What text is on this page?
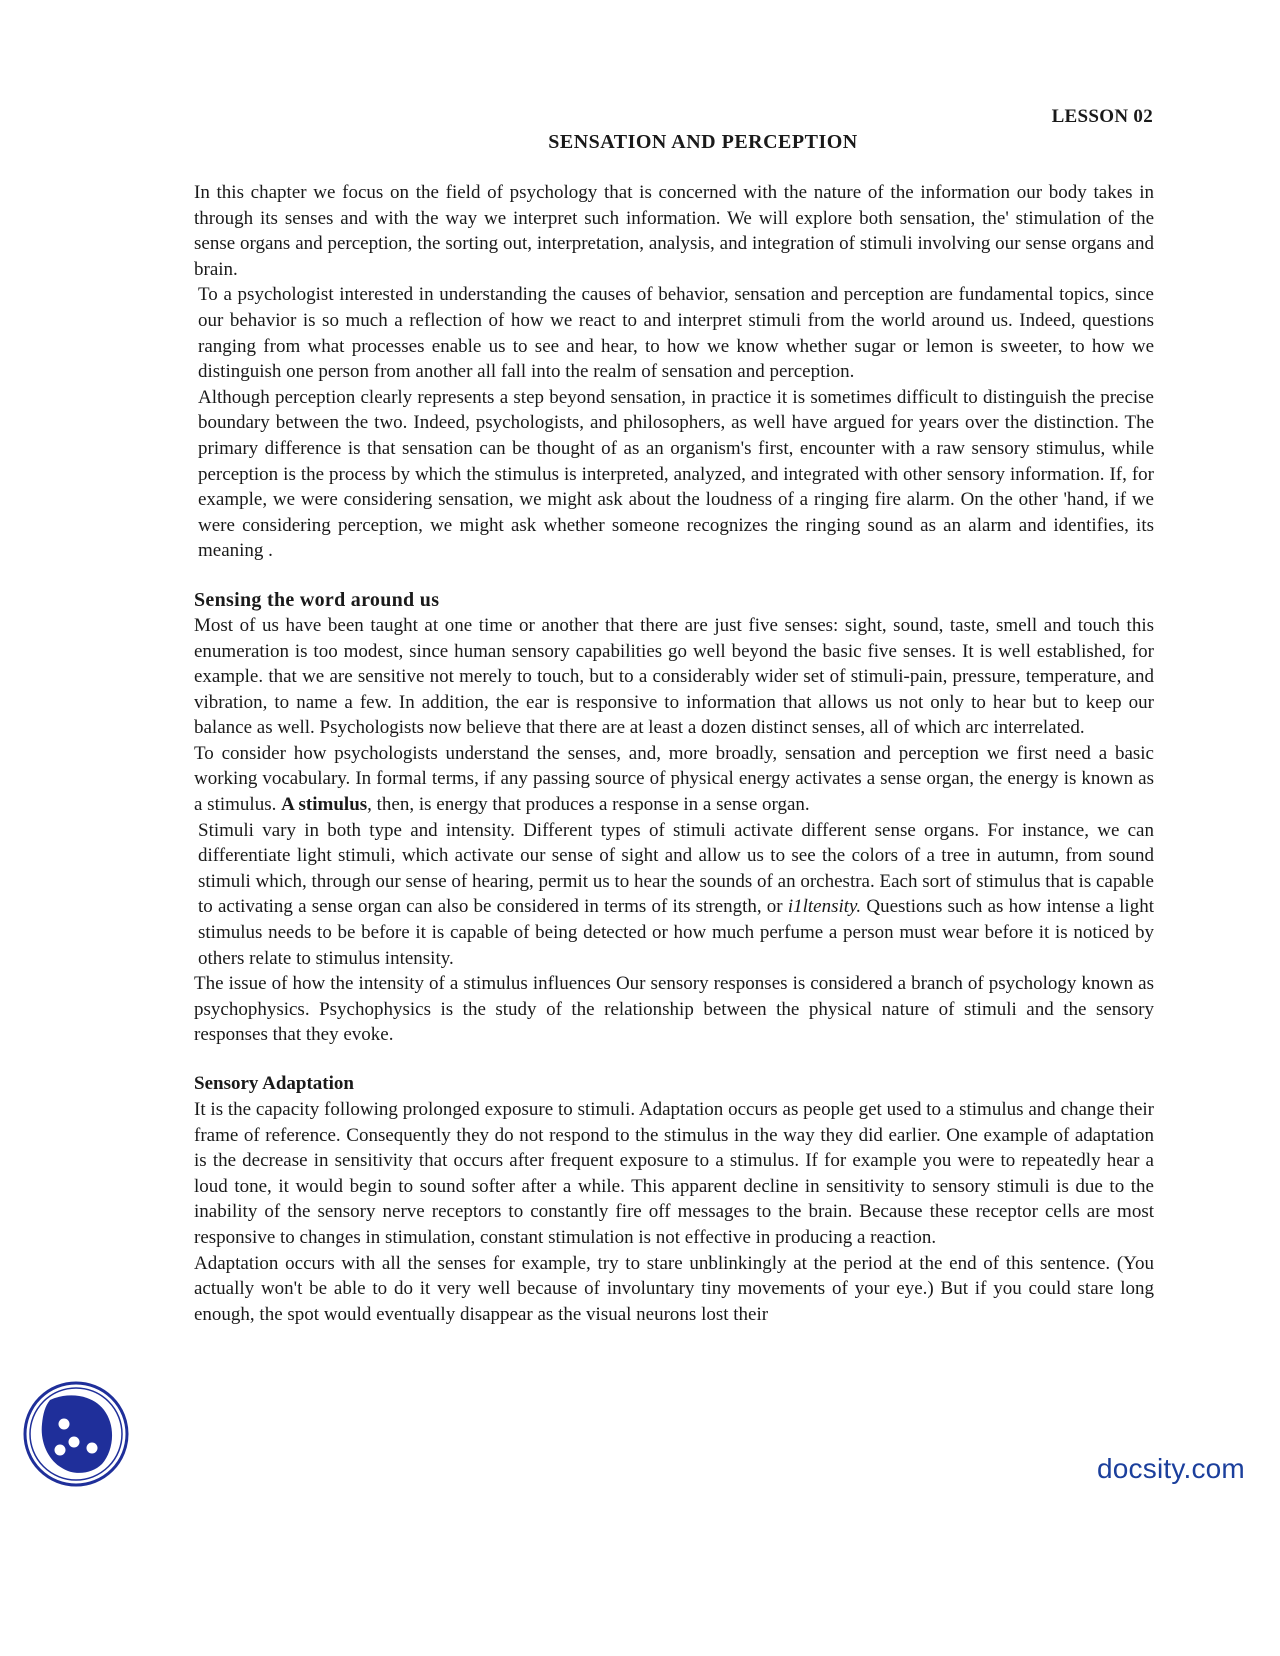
LESSON 02
SENSATION AND PERCEPTION

In this chapter we focus on the field of psychology that is concerned with the nature of the information our body takes in through its senses and with the way we interpret such information. We will explore both sensation, the' stimulation of the sense organs and perception, the sorting out, interpretation, analysis, and integration of stimuli involving our sense organs and brain.

To a psychologist interested in understanding the causes of behavior, sensation and perception are fundamental topics, since our behavior is so much a reflection of how we react to and interpret stimuli from the world around us. Indeed, questions ranging from what processes enable us to see and hear, to how we know whether sugar or lemon is sweeter, to how we distinguish one person from another all fall into the realm of sensation and perception.

Although perception clearly represents a step beyond sensation, in practice it is sometimes difficult to distinguish the precise boundary between the two. Indeed, psychologists, and philosophers, as well have argued for years over the distinction. The primary difference is that sensation can be thought of as an organism's first, encounter with a raw sensory stimulus, while perception is the process by which the stimulus is interpreted, analyzed, and integrated with other sensory information. If, for example, we were considering sensation, we might ask about the loudness of a ringing fire alarm. On the other 'hand, if we were considering perception, we might ask whether someone recognizes the ringing sound as an alarm and identifies, its meaning .

Sensing the word around us

Most of us have been taught at one time or another that there are just five senses: sight, sound, taste, smell and touch this enumeration is too modest, since human sensory capabilities go well beyond the basic five senses. It is well established, for example. that we are sensitive not merely to touch, but to a considerably wider set of stimuli-pain, pressure, temperature, and vibration, to name a few. In addition, the ear is responsive to information that allows us not only to hear but to keep our balance as well. Psychologists now believe that there are at least a dozen distinct senses, all of which arc interrelated.

To consider how psychologists understand the senses, and, more broadly, sensation and perception we first need a basic working vocabulary. In formal terms, if any passing source of physical energy activates a sense organ, the energy is known as a stimulus. A stimulus, then, is energy that produces a response in a sense organ.

Stimuli vary in both type and intensity. Different types of stimuli activate different sense organs. For instance, we can differentiate light stimuli, which activate our sense of sight and allow us to see the colors of a tree in autumn, from sound stimuli which, through our sense of hearing, permit us to hear the sounds of an orchestra. Each sort of stimulus that is capable to activating a sense organ can also be considered in terms of its strength, or i1ltensity. Questions such as how intense a light stimulus needs to be before it is capable of being detected or how much perfume a person must wear before it is noticed by others relate to stimulus intensity.

The issue of how the intensity of a stimulus influences Our sensory responses is considered a branch of psychology known as psychophysics. Psychophysics is the study of the relationship between the physical nature of stimuli and the sensory responses that they evoke.

Sensory Adaptation

It is the capacity following prolonged exposure to stimuli. Adaptation occurs as people get used to a stimulus and change their frame of reference. Consequently they do not respond to the stimulus in the way they did earlier. One example of adaptation is the decrease in sensitivity that occurs after frequent exposure to a stimulus. If for example you were to repeatedly hear a loud tone, it would begin to sound softer after a while. This apparent decline in sensitivity to sensory stimuli is due to the inability of the sensory nerve receptors to constantly fire off messages to the brain. Because these receptor cells are most responsive to changes in stimulation, constant stimulation is not effective in producing a reaction.

Adaptation occurs with all the senses for example, try to stare unblinkingly at the period at the end of this sentence. (You actually won't be able to do it very well because of involuntary tiny movements of your eye.) But if you could stare long enough, the spot would eventually disappear as the visual neurons lost their

docsity.com
